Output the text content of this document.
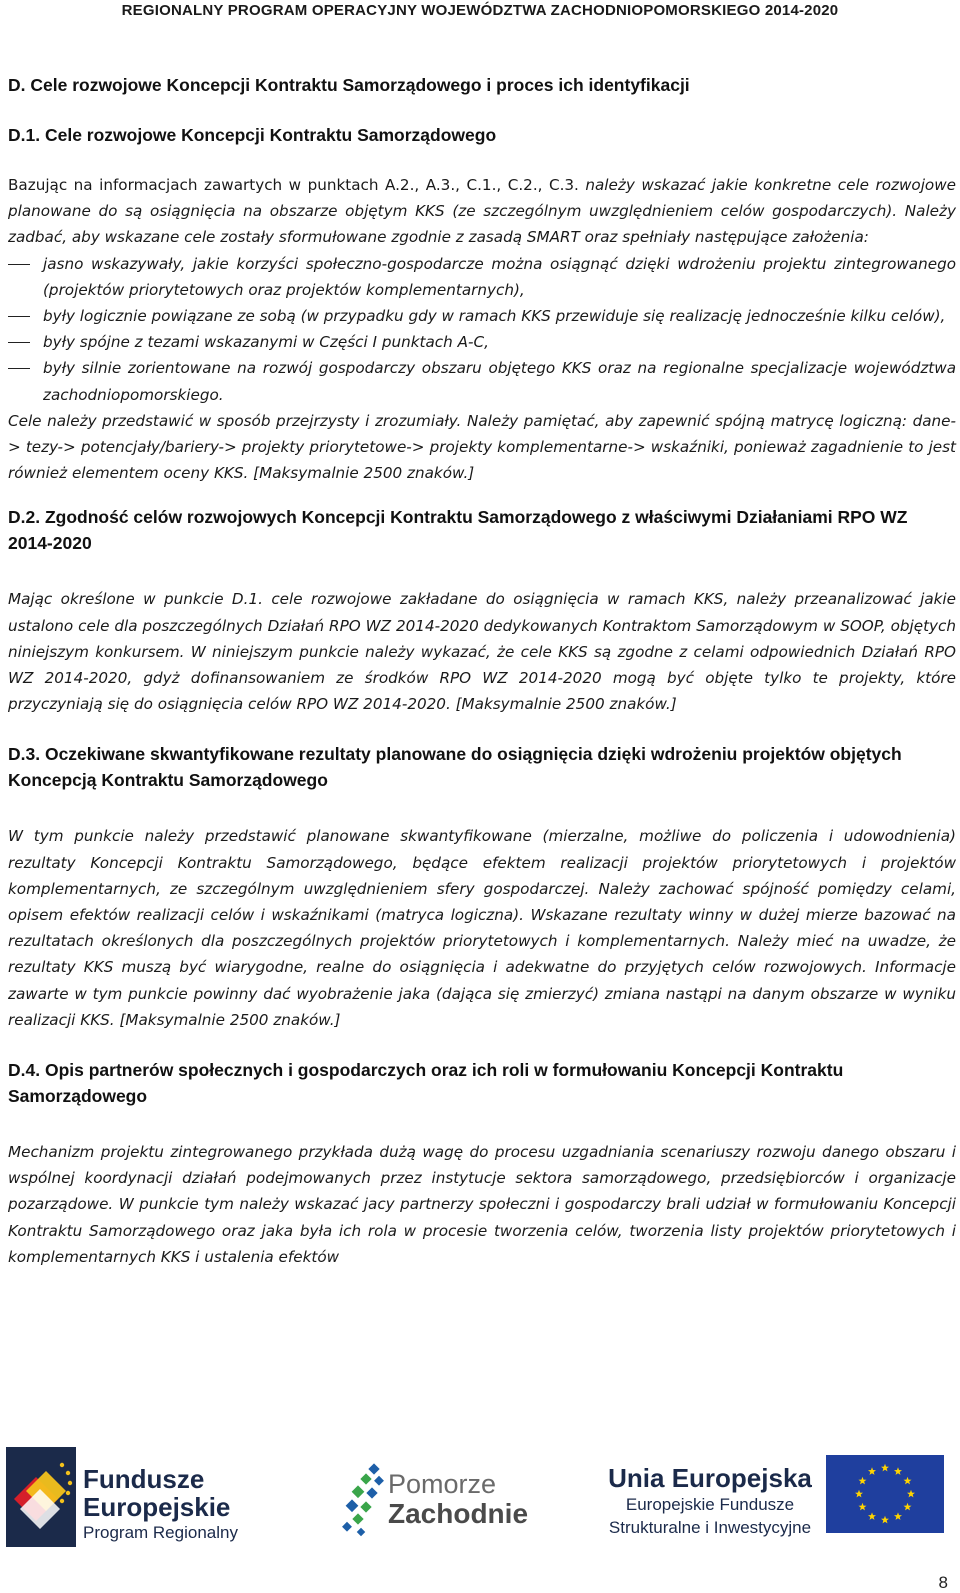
REGIONALNY PROGRAM OPERACYJNY WOJEWÓDZTWA ZACHODNIOPOMORSKIEGO 2014-2020

D. Cele rozwojowe Koncepcji Kontraktu Samorządowego i proces ich identyfikacji

D.1. Cele rozwojowe Koncepcji Kontraktu Samorządowego

Bazując na informacjach zawartych w punktach A.2., A.3., C.1., C.2., C.3. należy wskazać jakie konkretne cele rozwojowe planowane do są osiągnięcia na obszarze objętym KKS (ze szczególnym uwzględnieniem celów gospodarczych). Należy zadbać, aby wskazane cele zostały sformułowane zgodnie z zasadą SMART oraz spełniały następujące założenia:

jasno wskazywały, jakie korzyści społeczno-gospodarcze można osiągnąć dzięki wdrożeniu projektu zintegrowanego (projektów priorytetowych oraz projektów komplementarnych),
były logicznie powiązane ze sobą (w przypadku gdy w ramach KKS przewiduje się realizację jednocześnie kilku celów),
były spójne z tezami wskazanymi w Części I punktach A-C,
były silnie zorientowane na rozwój gospodarczy obszaru objętego KKS oraz na regionalne specjalizacje województwa zachodniopomorskiego.

Cele należy przedstawić w sposób przejrzysty i zrozumiały. Należy pamiętać, aby zapewnić spójną matrycę logiczną: dane-> tezy-> potencjały/bariery-> projekty priorytetowe-> projekty komplementarne-> wskaźniki, ponieważ zagadnienie to jest również elementem oceny KKS. [Maksymalnie 2500 znaków.]

D.2. Zgodność celów rozwojowych Koncepcji Kontraktu Samorządowego z właściwymi Działaniami RPO WZ 2014-2020

Mając określone w punkcie D.1. cele rozwojowe zakładane do osiągnięcia w ramach KKS, należy przeanalizować jakie ustalono cele dla poszczególnych Działań RPO WZ 2014-2020 dedykowanych Kontraktom Samorządowym w SOOP, objętych niniejszym konkursem. W niniejszym punkcie należy wykazać, że cele KKS są zgodne z celami odpowiednich Działań RPO WZ 2014-2020, gdyż dofinansowaniem ze środków RPO WZ 2014-2020 mogą być objęte tylko te projekty, które przyczyniają się do osiągnięcia celów RPO WZ 2014-2020. [Maksymalnie 2500 znaków.]

D.3. Oczekiwane skwantyfikowane rezultaty planowane do osiągnięcia dzięki wdrożeniu projektów objętych Koncepcją Kontraktu Samorządowego

W tym punkcie należy przedstawić planowane skwantyfikowane (mierzalne, możliwe do policzenia i udowodnienia) rezultaty Koncepcji Kontraktu Samorządowego, będące efektem realizacji projektów priorytetowych i projektów komplementarnych, ze szczególnym uwzględnieniem sfery gospodarczej. Należy zachować spójność pomiędzy celami, opisem efektów realizacji celów i wskaźnikami (matryca logiczna). Wskazane rezultaty winny w dużej mierze bazować na rezultatach określonych dla poszczególnych projektów priorytetowych i komplementarnych. Należy mieć na uwadze, że rezultaty KKS muszą być wiarygodne, realne do osiągnięcia i adekwatne do przyjętych celów rozwojowych. Informacje zawarte w tym punkcie powinny dać wyobrażenie jaka (dająca się zmierzyć) zmiana nastąpi na danym obszarze w wyniku realizacji KKS. [Maksymalnie 2500 znaków.]

D.4. Opis partnerów społecznych i gospodarczych oraz ich roli w formułowaniu Koncepcji Kontraktu Samorządowego

Mechanizm projektu zintegrowanego przykłada dużą wagę do procesu uzgadniania scenariuszy rozwoju danego obszaru i wspólnej koordynacji działań podejmowanych przez instytucje sektora samorządowego, przedsiębiorców i organizacje pozarządowe. W punkcie tym należy wskazać jacy partnerzy społeczni i gospodarczy brali udział w formułowaniu Koncepcji Kontraktu Samorządowego oraz jaka była ich rola w procesie tworzenia celów, tworzenia listy projektów priorytetowych i komplementarnych KKS i ustalenia efektów

Fundusze
Europejskie
Program Regionalny
Pomorze
Zachodnie
Unia Europejska
Europejskie Fundusze
Strukturalne i Inwestycyjne
8
